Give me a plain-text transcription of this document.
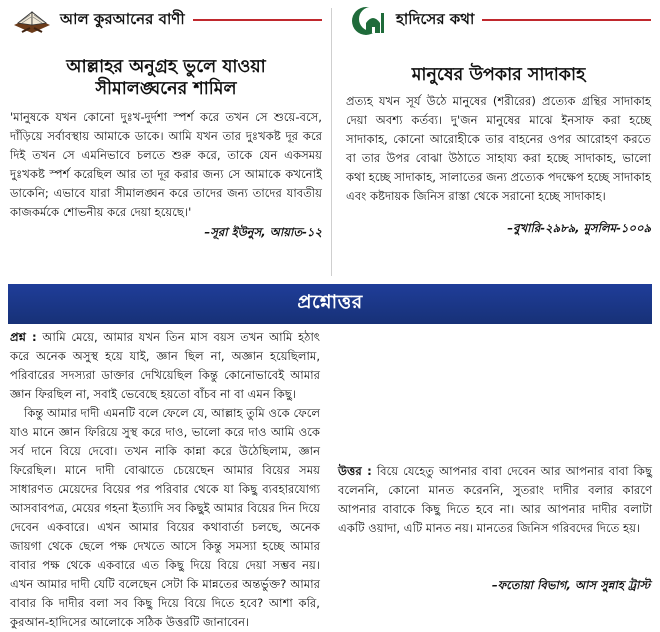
আল কুরআনের বাণী
আল্লাহর অনুগ্রহ ভুলে যাওয়া সীমালঙ্ঘনের শামিল
'মানুষকে যখন কোনো দুঃখ-দুর্দশা স্পর্শ করে তখন সে শুয়ে-বসে, দাঁড়িয়ে সর্বাবস্থায় আমাকে ডাকে। আমি যখন তার দুঃখকষ্ট দূর করে দিই তখন সে এমনিভাবে চলতে শুরু করে, তাকে যেন একসময় দুঃখকষ্ট স্পর্শ করেছিল আর তা দূর করার জন্য সে আমাকে কখনোই ডাকেনি; এভাবে যারা সীমালঙ্ঘন করে তাদের জন্য তাদের যাবতীয় কাজকর্মকে শোভনীয় করে দেয়া হয়েছে।'
–সূরা ইউনুস, আয়াত-১২
হাদিসের কথা
মানুষের উপকার সাদাকাহ
প্রত্যহ যখন সূর্য উঠে মানুষের (শরীরের) প্রত্যেক গ্রন্থির সাদাকাহ দেয়া অবশ্য কর্তব্য। দু'জন মানুষের মাঝে ইনসাফ করা হচ্ছে সাদাকাহ, কোনো আরোহীকে তার বাহনের ওপর আরোহণ করতে বা তার উপর বোঝা উঠাতে সাহায্য করা হচ্ছে সাদাকাহ, ভালো কথা হচ্ছে সাদাকাহ, সালাতের জন্য প্রত্যেক পদক্ষেপ হচ্ছে সাদাকাহ এবং কষ্টদায়ক জিনিস রাস্তা থেকে সরানো হচ্ছে সাদাকাহ।
–বুখারি-২৯৮৯, মুসলিম-১০০৯
প্রশ্নোত্তর

প্রশ্ন : আমি মেয়ে, আমার যখন তিন মাস বয়স তখন আমি হঠাৎ করে অনেক অসুস্থ হয়ে যাই, জ্ঞান ছিল না, অজ্ঞান হয়েছিলাম, পরিবারের সদস্যরা ডাক্তার দেখিয়েছিল কিন্তু কোনোভাবেই আমার জ্ঞান ফিরছিল না, সবাই ভেবেছে হয়তো বাঁচব না বা এমন কিছু।

কিন্তু আমার দাদী এমনটি বলে ফেলে যে, আল্লাহ তুমি ওকে ফেলে যাও মানে জ্ঞান ফিরিয়ে সুস্থ করে দাও, ভালো করে দাও আমি ওকে সর্ব দানে বিয়ে দেবো। তখন নাকি কান্না করে উঠেছিলাম, জ্ঞান ফিরেছিল। মানে দাদী বোঝাতে চেয়েছেন আমার বিয়ের সময় সাধারণত মেয়েদের বিয়ের পর পরিবার থেকে যা কিছু ব্যবহারযোগ্য আসবাবপত্র, মেয়ের গহনা ইত্যাদি সব কিছুই আমার বিয়ের দিন দিয়ে দেবেন একবারে। এখন আমার বিয়ের কথাবার্তা চলছে, অনেক জায়গা থেকে ছেলে পক্ষ দেখতে আসে কিন্তু সমস্যা হচ্ছে আমার বাবার পক্ষ থেকে একবারে এত কিছু দিয়ে বিয়ে দেয়া সম্ভব নয়। এখন আমার দাদী যেটি বলেছেন সেটা কি মান্নতের অন্তর্ভুক্ত? আমার বাবার কি দাদীর বলা সব কিছু দিয়ে বিয়ে দিতে হবে? আশা করি, কুরআন-হাদিসের আলোকে সঠিক উত্তরটি জানাবেন।

উত্তর : বিয়ে যেহেতু আপনার বাবা দেবেন আর আপনার বাবা কিছু বলেননি, কোনো মানত করেননি, সুতরাং দাদীর বলার কারণে আপনার বাবাকে কিছু দিতে হবে না। আর আপনার দাদীর বলাটা একটি ওয়াদা, এটি মানত নয়। মানতের জিনিস গরিবদের দিতে হয়।

–ফতোয়া বিভাগ, আস সুন্নাহ ট্রাস্ট
